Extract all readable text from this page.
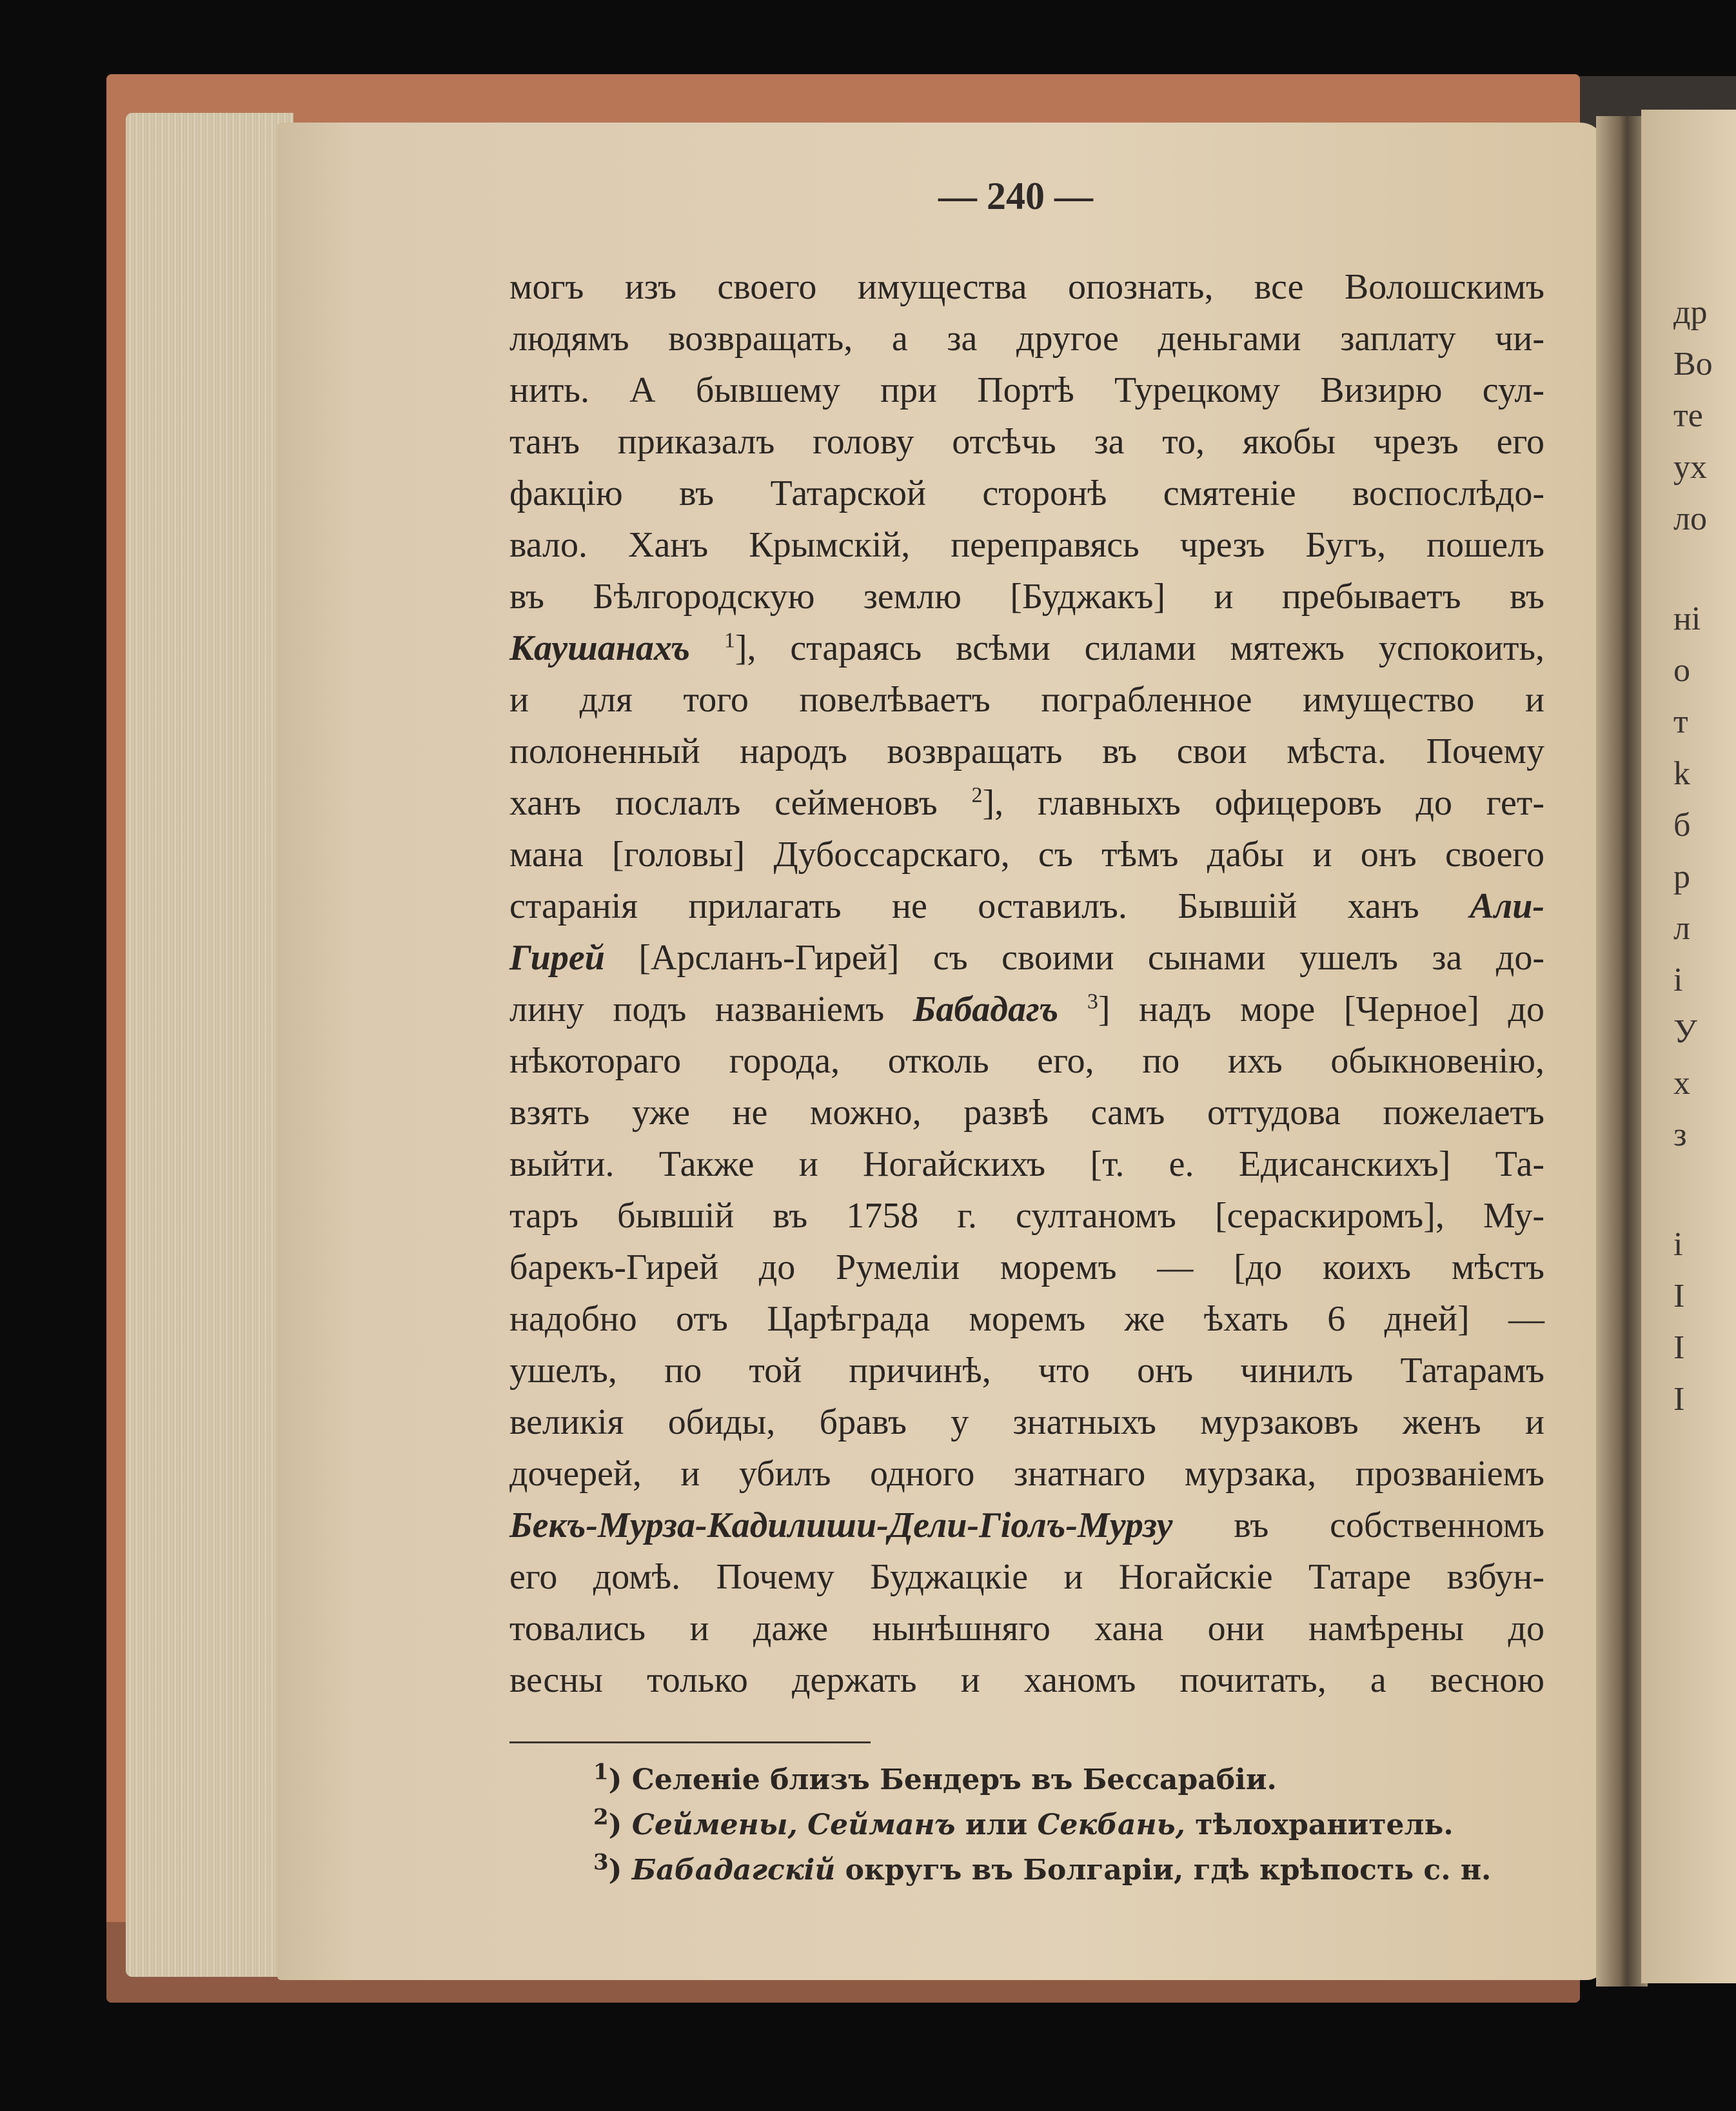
др
Во
те
ух
ло
ні
о
т
k
б
р
л
і
У
х
з
і
І
І
І
— 240 —
могъ изъ своего имущества опознать, все Волошскимъ
людямъ возвращать, а за другое деньгами заплату чи-
нить. А бывшему при Портѣ Турецкому Визирю сул-
танъ приказалъ голову отсѣчь за то, якобы чрезъ его
факцію въ Татарской сторонѣ смятеніе воспослѣдо-
вало. Ханъ Крымскій, переправясь чрезъ Бугъ, пошелъ
въ Бѣлгородскую землю [Буджакъ] и пребываетъ въ
Каушанахъ $^1$], стараясь всѣми силами мятежъ успокоить,
и для того повелѣваетъ пограбленное имущество и
полоненный народъ возвращать въ свои мѣста. Почему
ханъ послалъ сейменовъ $^2$], главныхъ офицеровъ до гет-
мана [головы] Дубоссарскаго, съ тѣмъ дабы и онъ своего
старанія прилагать не оставилъ. Бывшій ханъ Али-
Гирей [Арсланъ-Гирей] съ своими сынами ушелъ за до-
лину подъ названіемъ Бабадагъ $^3$] надъ море [Черное] до
нѣкотораго города, отколь его, по ихъ обыкновенію,
взять уже не можно, развѣ самъ оттудова пожелаетъ
выйти. Также и Ногайскихъ [т. е. Едисанскихъ] Та-
таръ бывшій въ 1758 г. султаномъ [сераскиромъ], Му-
барекъ-Гирей до Румеліи моремъ — [до коихъ мѣстъ
надобно отъ Царѣграда моремъ же ѣхать 6 дней] —
ушелъ, по той причинѣ, что онъ чинилъ Татарамъ
великія обиды, бравъ у знатныхъ мурзаковъ женъ и
дочерей, и убилъ одного знатнаго мурзака, прозваніемъ
Бекъ-Мурза-Кадилиши-Дели-Гіолъ-Мурзу въ собственномъ
его домѣ. Почему Буджацкіе и Ногайскіе Татаре взбун-
товались и даже нынѣшняго хана они намѣрены до
весны только держать и ханомъ почитать, а весною
$^1$) Селеніе близъ Бендеръ въ Бессарабіи.
$^2$) Сеймены, Сейманъ или Секбань, тѣлохранитель.
$^3$) Бабадагскій округъ въ Болгаріи, гдѣ крѣпость с. н.
